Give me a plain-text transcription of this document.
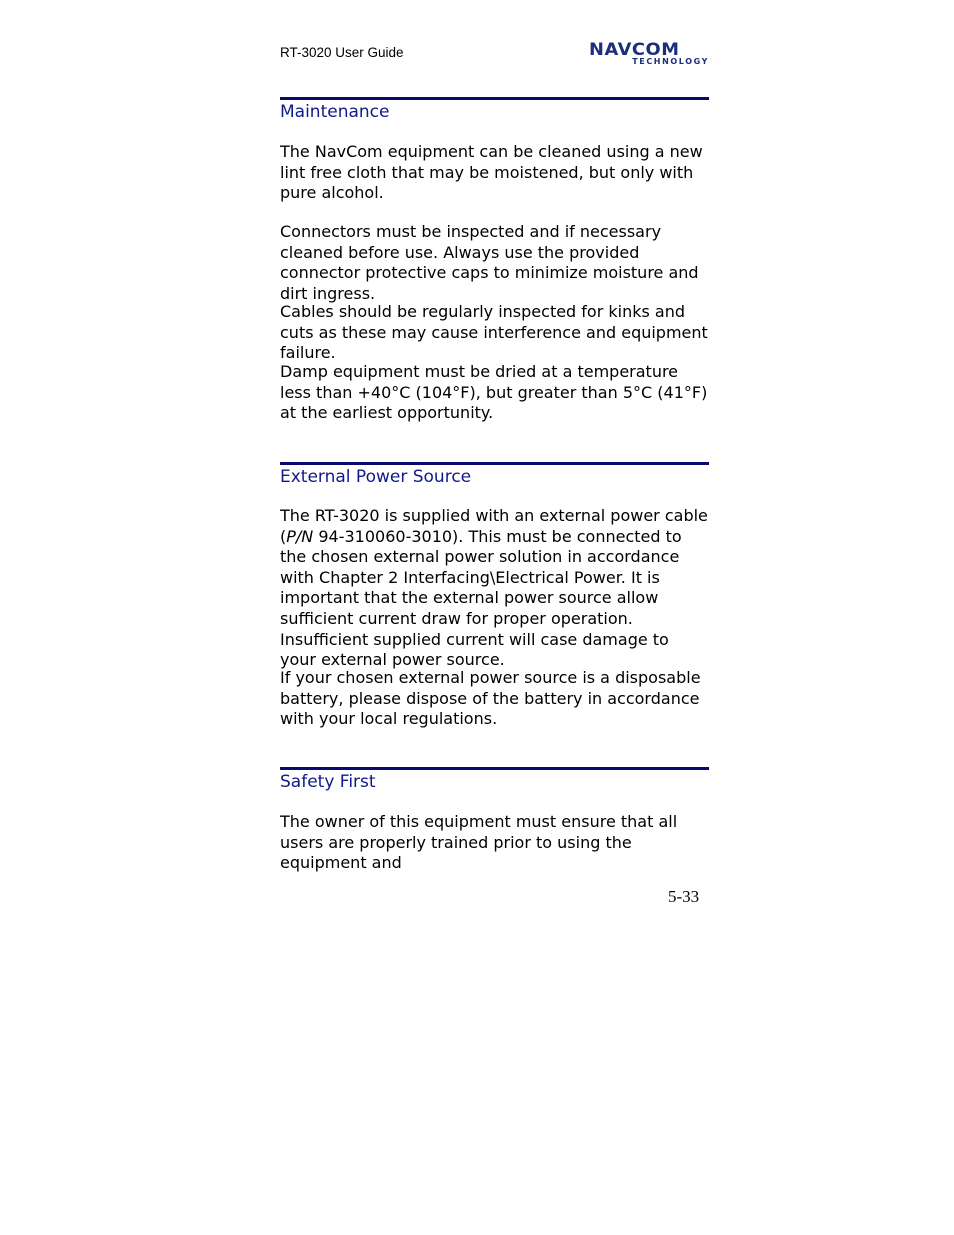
RT-3020 User Guide	NAVCOM
TECHNOLOGY
Maintenance

The NavCom equipment can be cleaned using a new lint free cloth that may be moistened, but only with pure alcohol.

Connectors must be inspected and if necessary cleaned before use. Always use the provided connector protective caps to minimize moisture and dirt ingress.

Cables should be regularly inspected for kinks and cuts as these may cause interference and equipment failure.

Damp equipment must be dried at a temperature less than +40°C (104°F), but greater than 5°C (41°F) at the earliest opportunity.

External Power Source

The RT-3020 is supplied with an external power cable (P/N 94-310060-3010). This must be connected to the chosen external power solution in accordance with Chapter 2 Interfacing\Electrical Power. It is important that the external power source allow sufficient current draw for proper operation. Insufficient supplied current will case damage to your external power source.

If your chosen external power source is a disposable battery, please dispose of the battery in accordance with your local regulations.

Safety First

The owner of this equipment must ensure that all users are properly trained prior to using the equipment and

5-33
